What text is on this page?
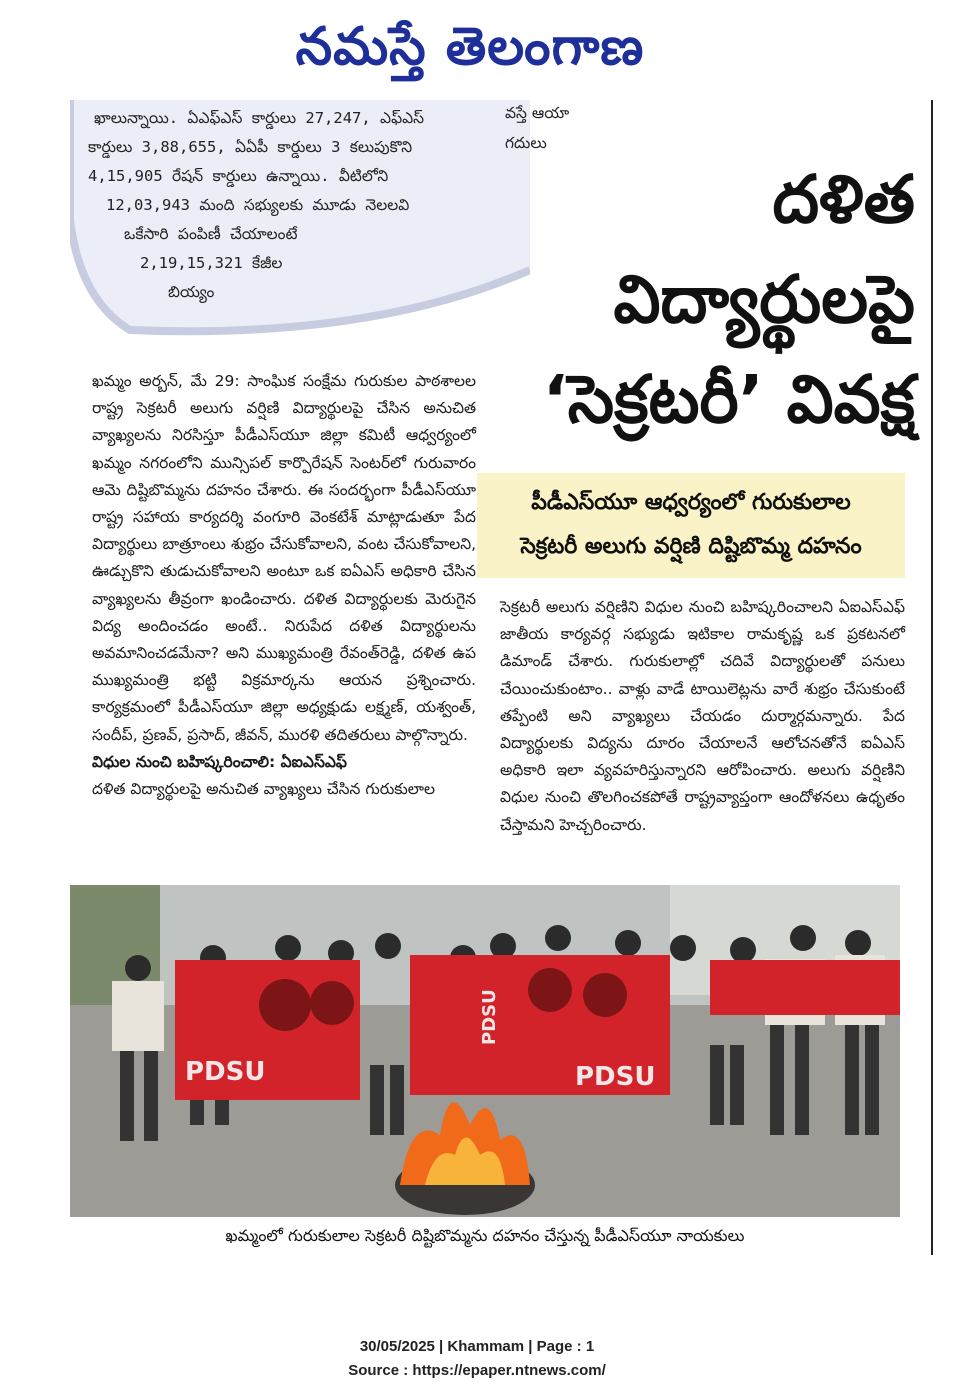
నమస్తే తెలంగాణ
ఖాలున్నాయి. ఏఎఫ్ఎస్ కార్డులు 27,247, ఎఫ్ఎస్
కార్డులు 3,88,655, ఏఏపీ కార్డులు 3 కలుపుకొని
4,15,905 రేషన్ కార్డులు ఉన్నాయి. వీటిలోని
12,03,943 మంది సభ్యులకు మూడు నెలలవి
ఒకేసారి పంపిణీ చేయాలంటే
2,19,15,321 కేజీల
బియ్యం
వస్తే ఆయా
గదులు
దళిత
విద్యార్థులపై
‘సెక్రటరీ’ వివక్ష
పీడీఎస్‌యూ ఆధ్వర్యంలో గురుకులాల
సెక్రటరీ అలుగు వర్షిణి దిష్టిబొమ్మ దహనం

ఖమ్మం అర్బన్, మే 29: సాంఘిక సంక్షేమ గురుకుల పాఠశాలల రాష్ట్ర సెక్రటరీ అలుగు వర్షిణి విద్యార్థులపై చేసిన అనుచిత వ్యాఖ్యలను నిరసిస్తూ పీడీఎస్‌యూ జిల్లా కమిటీ ఆధ్వర్యంలో ఖమ్మం నగరంలోని మున్సిపల్ కార్పొరేషన్ సెంటర్‌లో గురువారం ఆమె దిష్టిబొమ్మను దహనం చేశారు. ఈ సందర్భంగా పీడీఎస్‌యూ రాష్ట్ర సహాయ కార్యదర్శి వంగూరి వెంకటేశ్ మాట్లాడుతూ పేద విద్యార్థులు బాత్రూంలు శుభ్రం చేసుకోవాలని, వంట చేసుకోవాలని, ఊడ్చుకొని తుడుచుకోవాలని అంటూ ఒక ఐఏఎస్ అధికారి చేసిన వ్యాఖ్యలను తీవ్రంగా ఖండించారు. దళిత విద్యార్థులకు మెరుగైన విద్య అందించడం అంటే.. నిరుపేద దళిత విద్యార్థులను అవమానించడమేనా? అని ముఖ్యమంత్రి రేవంత్‌రెడ్డి, దళిత ఉప ముఖ్యమంత్రి భట్టి విక్రమార్కను ఆయన ప్రశ్నించారు. కార్యక్రమంలో పీడీఎస్‌యూ జిల్లా అధ్యక్షుడు లక్ష్మణ్, యశ్వంత్, సందీప్, ప్రణవ్, ప్రసాద్, జీవన్, మురళి తదితరులు పాల్గొన్నారు.

విధుల నుంచి బహిష్కరించాలి: ఏఐఎస్ఎఫ్

దళిత విద్యార్థులపై అనుచిత వ్యాఖ్యలు చేసిన గురుకులాల

సెక్రటరీ అలుగు వర్షిణిని విధుల నుంచి బహిష్కరించాలని ఏఐఎస్ఎఫ్ జాతీయ కార్యవర్గ సభ్యుడు ఇటికాల రామకృష్ణ ఒక ప్రకటనలో డిమాండ్ చేశారు. గురుకులాల్లో చదివే విద్యార్థులతో పనులు చేయించుకుంటాం.. వాళ్లు వాడే టాయిలెట్లను వారే శుభ్రం చేసుకుంటే తప్పేంటి అని వ్యాఖ్యలు చేయడం దుర్మార్గమన్నారు. పేద విద్యార్థులకు విద్యను దూరం చేయాలనే ఆలోచనతోనే ఐఏఎస్ అధికారి ఇలా వ్యవహరిస్తున్నారని ఆరోపించారు. అలుగు వర్షిణిని విధుల నుంచి తొలగించకపోతే రాష్ట్రవ్యాప్తంగా ఆందోళనలు ఉధృతం చేస్తామని హెచ్చరించారు.

PDSU	PDSU
PDSU
ఖమ్మంలో గురుకులాల సెక్రటరీ దిష్టిబొమ్మను దహనం చేస్తున్న పీడీఎస్‌యూ నాయకులు
30/05/2025 | Khammam | Page : 1
Source : https://epaper.ntnews.com/
